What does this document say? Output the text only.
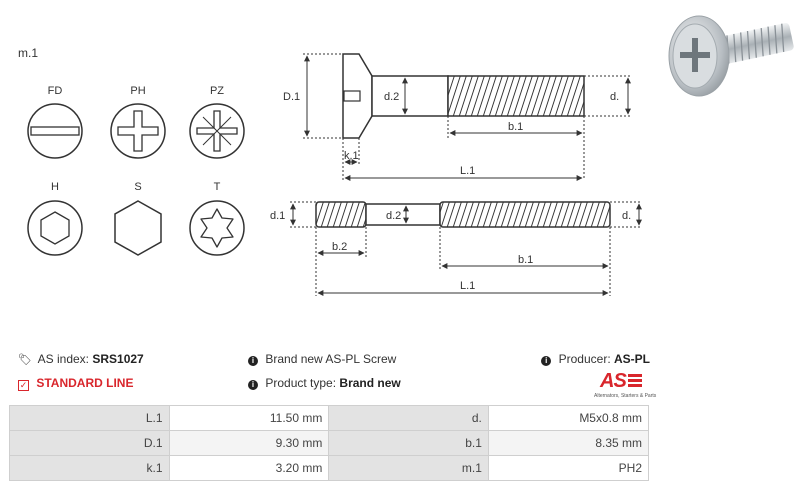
m.1
FD	PH	PZ
H	S	T
D.1	d.2	d.
b.1
k.1
L.1
d.1	d.2	d.
b.2
b.1
L.1
🏷 AS index: SRS1027
✓ STANDARD LINE
i Brand new AS-PL Screw
i Product type: Brand new
i Producer: AS-PL
AS
Alternators, Starters & Parts
L.1	11.50 mm	d.	M5x0.8 mm
D.1	9.30 mm	b.1	8.35 mm
k.1	3.20 mm	m.1	PH2
